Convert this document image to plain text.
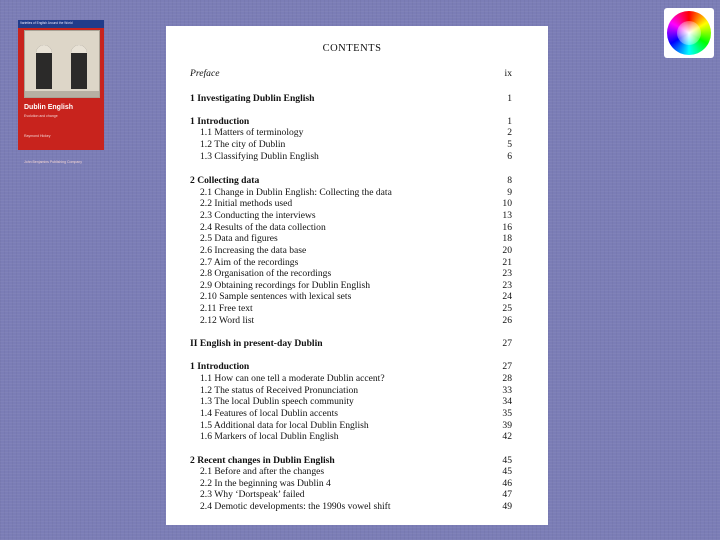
Varieties of English Around the World
Dublin English
Evolution and change
Raymond Hickey
John Benjamins Publishing Company
CONTENTS
Preface	ix
1 Investigating Dublin English	1
1 Introduction	1
1.1 Matters of terminology	2
1.2 The city of Dublin	5
1.3 Classifying Dublin English	6
2 Collecting data	8
2.1 Change in Dublin English: Collecting the data	9
2.2 Initial methods used	10
2.3 Conducting the interviews	13
2.4 Results of the data collection	16
2.5 Data and figures	18
2.6 Increasing the data base	20
2.7 Aim of the recordings	21
2.8 Organisation of the recordings	23
2.9 Obtaining recordings for Dublin English	23
2.10 Sample sentences with lexical sets	24
2.11 Free text	25
2.12 Word list	26
II English in present-day Dublin	27
1 Introduction	27
1.1 How can one tell a moderate Dublin accent?	28
1.2 The status of Received Pronunciation	33
1.3 The local Dublin speech community	34
1.4 Features of local Dublin accents	35
1.5 Additional data for local Dublin English	39
1.6 Markers of local Dublin English	42
2 Recent changes in Dublin English	45
2.1 Before and after the changes	45
2.2 In the beginning was Dublin 4	46
2.3 Why ‘Dortspeak’ failed	47
2.4 Demotic developments: the 1990s vowel shift	49
